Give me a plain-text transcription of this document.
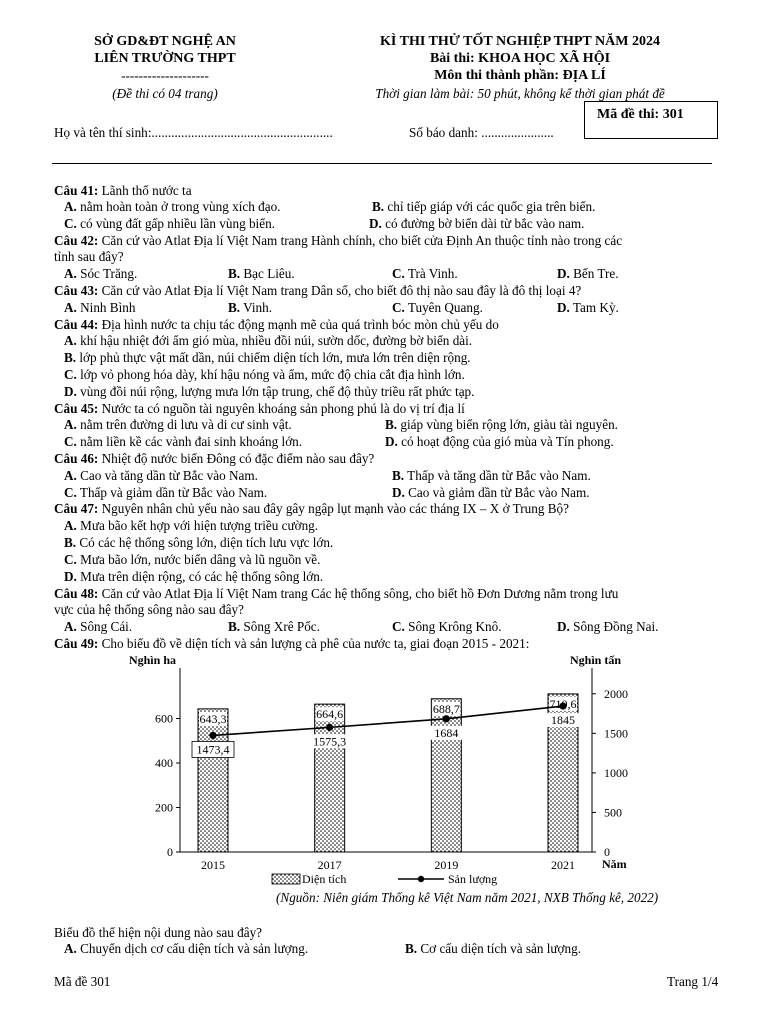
SỞ GD&ĐT NGHỆ AN
LIÊN TRƯỜNG THPT
--------------------
(Đề thi có 04 trang)
KÌ THI THỬ TỐT NGHIỆP THPT NĂM 2024
Bài thi: KHOA HỌC XÃ HỘI
Môn thi thành phần: ĐỊA LÍ
Thời gian làm bài: 50 phút, không kể thời gian phát đề
Mã đề thi: 301
Họ và tên thí sinh:.......................................................	Số báo danh: ......................
Câu 41: Lãnh thổ nước ta
A. nằm hoàn toàn ở trong vùng xích đạo.	B. chỉ tiếp giáp với các quốc gia trên biển.
C. có vùng đất gấp nhiều lần vùng biển.	D. có đường bờ biển dài từ bắc vào nam.
Câu 42: Căn cứ vào Atlat Địa lí Việt Nam trang Hành chính, cho biết cửa Định An thuộc tỉnh nào trong các
tỉnh sau đây?
A. Sóc Trăng.	B. Bạc Liêu.	C. Trà Vinh.	D. Bến Tre.
Câu 43: Căn cứ vào Atlat Địa lí Việt Nam trang Dân số, cho biết đô thị nào sau đây là đô thị loại 4?
A. Ninh Bình	B. Vinh.	C. Tuyên Quang.	D. Tam Kỳ.
Câu 44: Địa hình nước ta chịu tác động mạnh mẽ của quá trình bóc mòn chủ yếu do
A. khí hậu nhiệt đới ẩm gió mùa, nhiều đồi núi, sườn dốc, đường bờ biển dài.
B. lớp phủ thực vật mất dần, núi chiếm diện tích lớn, mưa lớn trên diện rộng.
C. lớp vỏ phong hóa dày, khí hậu nóng và ẩm, mức độ chia cắt địa hình lớn.
D. vùng đồi núi rộng, lượng mưa lớn tập trung, chế độ thủy triều rất phức tạp.
Câu 45: Nước ta có nguồn tài nguyên khoáng sản phong phú là do vị trí địa lí
A. nằm trên đường di lưu và di cư sinh vật.	B. giáp vùng biển rộng lớn, giàu tài nguyên.
C. nằm liền kề các vành đai sinh khoáng lớn.	D. có hoạt động của gió mùa và Tín phong.
Câu 46: Nhiệt độ nước biển Đông có đặc điểm nào sau đây?
A. Cao và tăng dần từ Bắc vào Nam.	B. Thấp và tăng dần từ Bắc vào Nam.
C. Thấp và giảm dần từ Bắc vào Nam.	D. Cao và giảm dần từ Bắc vào Nam.
Câu 47: Nguyên nhân chủ yếu nào sau đây gây ngập lụt mạnh vào các tháng IX – X ở Trung Bộ?
A. Mưa bão kết hợp với hiện tượng triều cường.
B. Có các hệ thống sông lớn, diện tích lưu vực lớn.
C. Mưa bão lớn, nước biển dâng và lũ nguồn về.
D. Mưa trên diện rộng, có các hệ thống sông lớn.
Câu 48: Căn cứ vào Atlat Địa lí Việt Nam trang Các hệ thống sông, cho biết hồ Đơn Dương nằm trong lưu
vực của hệ thống sông nào sau đây?
A. Sông Cái.	B. Sông Xrê Pốc.	C. Sông Krông Knô.	D. Sông Đồng Nai.
Câu 49: Cho biểu đồ về diện tích và sản lượng cà phê của nước ta, giai đoạn 2015 - 2021:
0
200
400
600
0
500
1000
1500
2000
Nghìn ha	Nghìn tấn
Năm
643,3	664,6	688,7	710,6
1473,4
1575,3
1684
1845
2015	2017	2019	2021
Diện tích	Sản lượng
(Nguồn: Niên giám Thống kê Việt Nam năm 2021, NXB Thống kê, 2022)
Biểu đồ thể hiện nội dung nào sau đây?
A. Chuyển dịch cơ cấu diện tích và sản lượng.	B. Cơ cấu diện tích và sản lượng.
Mã đề 301	Trang 1/4
